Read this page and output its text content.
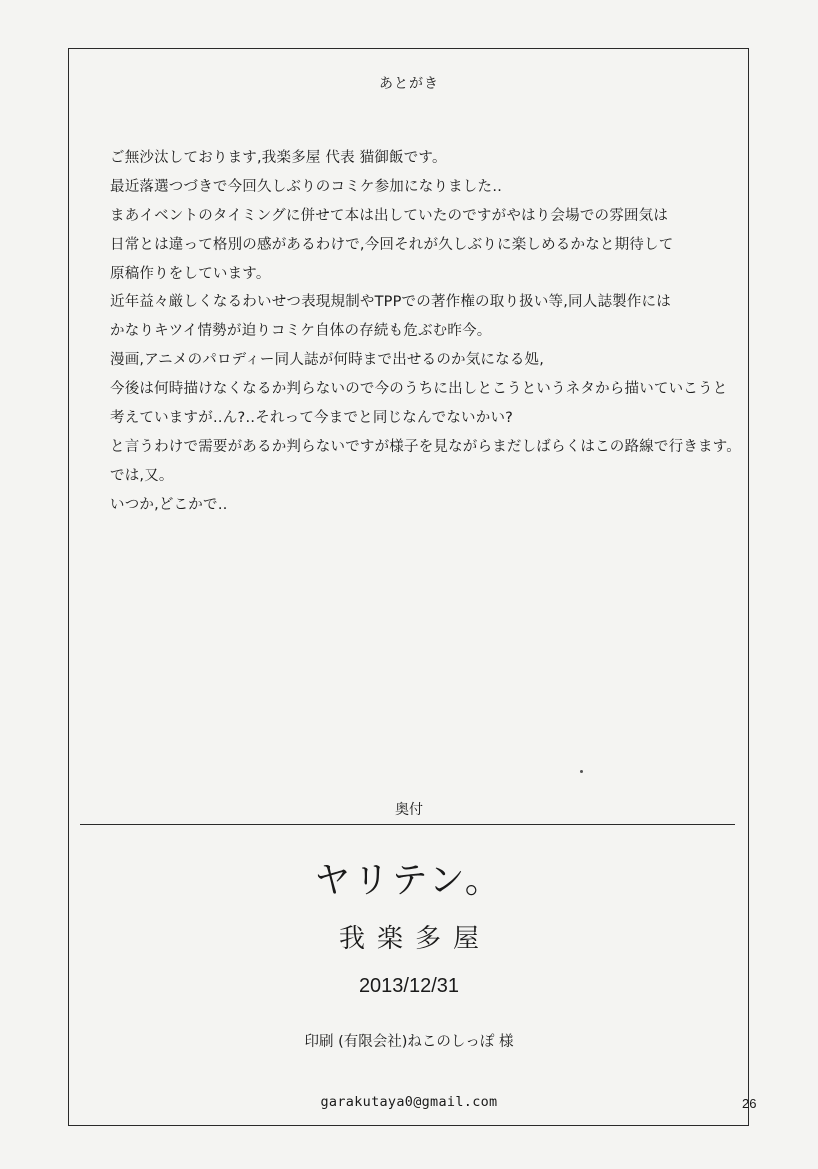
あとがき
ご無沙汰しております,我楽多屋 代表 猫御飯です。
最近落選つづきで今回久しぶりのコミケ参加になりました‥
まあイベントのタイミングに併せて本は出していたのですがやはり会場での雰囲気は
日常とは違って格別の感があるわけで,今回それが久しぶりに楽しめるかなと期待して
原稿作りをしています。
近年益々厳しくなるわいせつ表現規制やTPPでの著作権の取り扱い等,同人誌製作には
かなりキツイ情勢が迫りコミケ自体の存続も危ぶむ昨今。
漫画,アニメのパロディー同人誌が何時まで出せるのか気になる処,
今後は何時描けなくなるか判らないので今のうちに出しとこうというネタから描いていこうと
考えていますが‥ん?‥それって今までと同じなんでないかい?
と言うわけで需要があるか判らないですが様子を見ながらまだしばらくはこの路線で行きます。
では,又。
いつか,どこかで‥
奥付
ヤリテン。
我楽多屋
2013/12/31
印刷 (有限会社)ねこのしっぽ 様
garakutaya0@gmail.com	26
